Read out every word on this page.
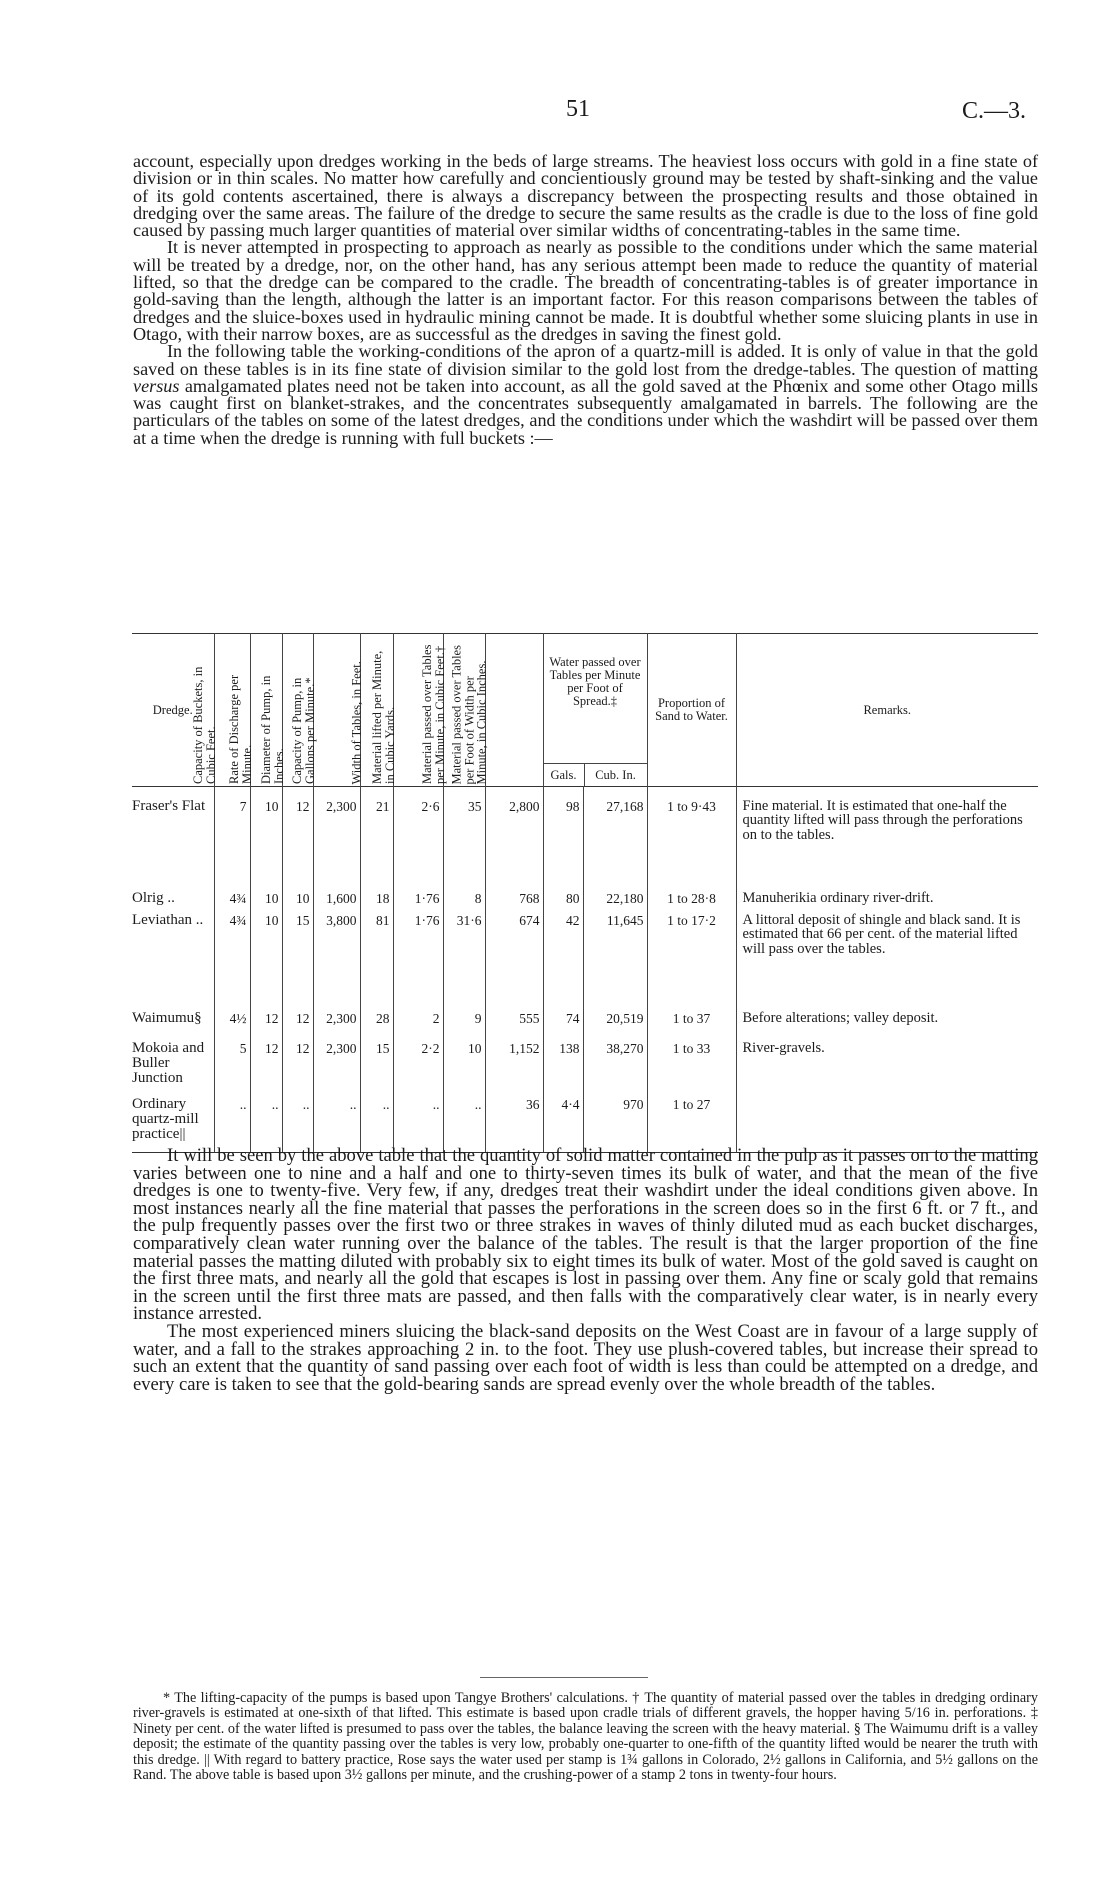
51	C.—3.

account, especially upon dredges working in the beds of large streams. The heaviest loss occurs with gold in a fine state of division or in thin scales. No matter how carefully and concientiously ground may be tested by shaft-sinking and the value of its gold contents ascertained, there is always a discrepancy between the prospecting results and those obtained in dredging over the same areas. The failure of the dredge to secure the same results as the cradle is due to the loss of fine gold caused by passing much larger quantities of material over similar widths of concentrating-tables in the same time.

It is never attempted in prospecting to approach as nearly as possible to the conditions under which the same material will be treated by a dredge, nor, on the other hand, has any serious attempt been made to reduce the quantity of material lifted, so that the dredge can be compared to the cradle. The breadth of concentrating-tables is of greater importance in gold-saving than the length, although the latter is an important factor. For this reason comparisons between the tables of dredges and the sluice-boxes used in hydraulic mining cannot be made. It is doubtful whether some sluicing plants in use in Otago, with their narrow boxes, are as successful as the dredges in saving the finest gold.

In the following table the working-conditions of the apron of a quartz-mill is added. It is only of value in that the gold saved on these tables is in its fine state of division similar to the gold lost from the dredge-tables. The question of matting versus amalgamated plates need not be taken into account, as all the gold saved at the Phœnix and some other Otago mills was caught first on blanket-strakes, and the concentrates subsequently amalgamated in barrels. The following are the particulars of the tables on some of the latest dredges, and the conditions under which the washdirt will be passed over them at a time when the dredge is running with full buckets :—

Dredge.	Capacity of Buckets, in Cubic Feet.	Rate of Discharge per Minute.	Diameter of Pump, in Inches.	Capacity of Pump, in Gallons per Minute.*	Width of Tables, in Feet.	Material lifted per Minute, in Cubic Yards.	Material passed over Tables per Minute, in Cubic Feet.†	Material passed over Tables per Foot of Width per Minute, in Cubic Inches.	Water passed over Tables per Minute per Foot of Spread.‡
Gals. Cub. In.		Proportion of Sand to Water.	Remarks.

Fraser's Flat	7	10	12	2,300	21	2·6	35	2,800	98	27,168	1 to 9·43	Fine material. It is estimated that one-half the quantity lifted will pass through the perforations on to the tables.
Olrig ..	4¾	10	10	1,600	18	1·76	8	768	80	22,180	1 to 28·8	Manuherikia ordinary river-drift.
Leviathan ..	4¾	10	15	3,800	81	1·76	31·6	674	42	11,645	1 to 17·2	A littoral deposit of shingle and black sand. It is estimated that 66 per cent. of the material lifted will pass over the tables.
Waimumu§	4½	12	12	2,300	28	2	9	555	74	20,519	1 to 37	Before alterations; valley deposit.
Mokoia and Buller Junction	5	12	12	2,300	15	2·2	10	1,152	138	38,270	1 to 33	River-gravels.
Ordinary quartz-mill practice||	..	..	..	..	..	..	..	36	4·4	970	1 to 27	

It will be seen by the above table that the quantity of solid matter contained in the pulp as it passes on to the matting varies between one to nine and a half and one to thirty-seven times its bulk of water, and that the mean of the five dredges is one to twenty-five. Very few, if any, dredges treat their washdirt under the ideal conditions given above. In most instances nearly all the fine material that passes the perforations in the screen does so in the first 6 ft. or 7 ft., and the pulp frequently passes over the first two or three strakes in waves of thinly diluted mud as each bucket discharges, comparatively clean water running over the balance of the tables. The result is that the larger proportion of the fine material passes the matting diluted with probably six to eight times its bulk of water. Most of the gold saved is caught on the first three mats, and nearly all the gold that escapes is lost in passing over them. Any fine or scaly gold that remains in the screen until the first three mats are passed, and then falls with the comparatively clear water, is in nearly every instance arrested.

The most experienced miners sluicing the black-sand deposits on the West Coast are in favour of a large supply of water, and a fall to the strakes approaching 2 in. to the foot. They use plush-covered tables, but increase their spread to such an extent that the quantity of sand passing over each foot of width is less than could be attempted on a dredge, and every care is taken to see that the gold-bearing sands are spread evenly over the whole breadth of the tables.

* The lifting-capacity of the pumps is based upon Tangye Brothers' calculations. † The quantity of material passed over the tables in dredging ordinary river-gravels is estimated at one-sixth of that lifted. This estimate is based upon cradle trials of different gravels, the hopper having 5/16 in. perforations. ‡ Ninety per cent. of the water lifted is presumed to pass over the tables, the balance leaving the screen with the heavy material. § The Waimumu drift is a valley deposit; the estimate of the quantity passing over the tables is very low, probably one-quarter to one-fifth of the quantity lifted would be nearer the truth with this dredge. || With regard to battery practice, Rose says the water used per stamp is 1¾ gallons in Colorado, 2½ gallons in California, and 5½ gallons on the Rand. The above table is based upon 3½ gallons per minute, and the crushing-power of a stamp 2 tons in twenty-four hours.
